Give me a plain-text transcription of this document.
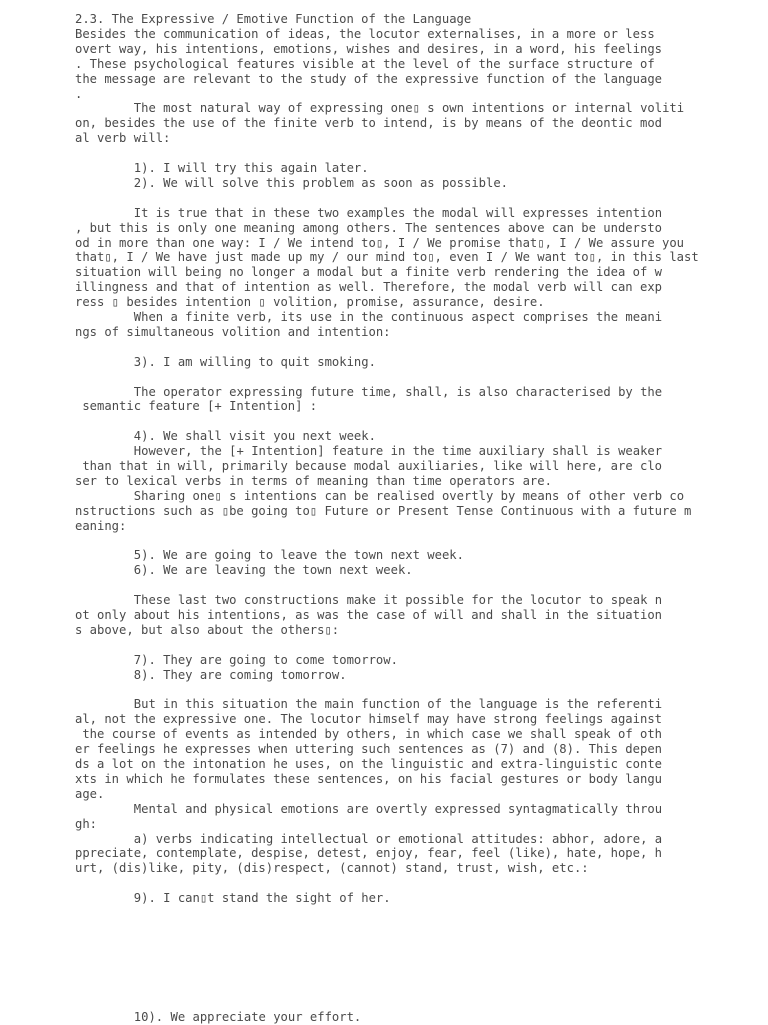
2.3. The Expressive / Emotive Function of the Language
Besides the communication of ideas, the locutor externalises, in a more or less
overt way, his intentions, emotions, wishes and desires, in a word, his feelings
. These psychological features visible at the level of the surface structure of
the message are relevant to the study of the expressive function of the language
.
The most natural way of expressing one▯ s own intentions or internal voliti
on, besides the use of the finite verb to intend, is by means of the deontic mod
al verb will:
1). I will try this again later.
2). We will solve this problem as soon as possible.
It is true that in these two examples the modal will expresses intention
, but this is only one meaning among others. The sentences above can be understo
od in more than one way: I / We intend to▯, I / We promise that▯, I / We assure you
that▯, I / We have just made up my / our mind to▯, even I / We want to▯, in this last
situation will being no longer a modal but a finite verb rendering the idea of w
illingness and that of intention as well. Therefore, the modal verb will can exp
ress ▯ besides intention ▯ volition, promise, assurance, desire.
When a finite verb, its use in the continuous aspect comprises the meani
ngs of simultaneous volition and intention:
3). I am willing to quit smoking.
The operator expressing future time, shall, is also characterised by the
semantic feature [+ Intention] :
4). We shall visit you next week.
However, the [+ Intention] feature in the time auxiliary shall is weaker
than that in will, primarily because modal auxiliaries, like will here, are clo
ser to lexical verbs in terms of meaning than time operators are.
Sharing one▯ s intentions can be realised overtly by means of other verb co
nstructions such as ▯be going to▯ Future or Present Tense Continuous with a future m
eaning:
5). We are going to leave the town next week.
6). We are leaving the town next week.
These last two constructions make it possible for the locutor to speak n
ot only about his intentions, as was the case of will and shall in the situation
s above, but also about the others▯:
7). They are going to come tomorrow.
8). They are coming tomorrow.
But in this situation the main function of the language is the referenti
al, not the expressive one. The locutor himself may have strong feelings against
the course of events as intended by others, in which case we shall speak of oth
er feelings he expresses when uttering such sentences as (7) and (8). This depen
ds a lot on the intonation he uses, on the linguistic and extra-linguistic conte
xts in which he formulates these sentences, on his facial gestures or body langu
age.
Mental and physical emotions are overtly expressed syntagmatically throu
gh:
a) verbs indicating intellectual or emotional attitudes: abhor, adore, a
ppreciate, contemplate, despise, detest, enjoy, fear, feel (like), hate, hope, h
urt, (dis)like, pity, (dis)respect, (cannot) stand, trust, wish, etc.:
9). I can▯t stand the sight of her.
10). We appreciate your effort.
